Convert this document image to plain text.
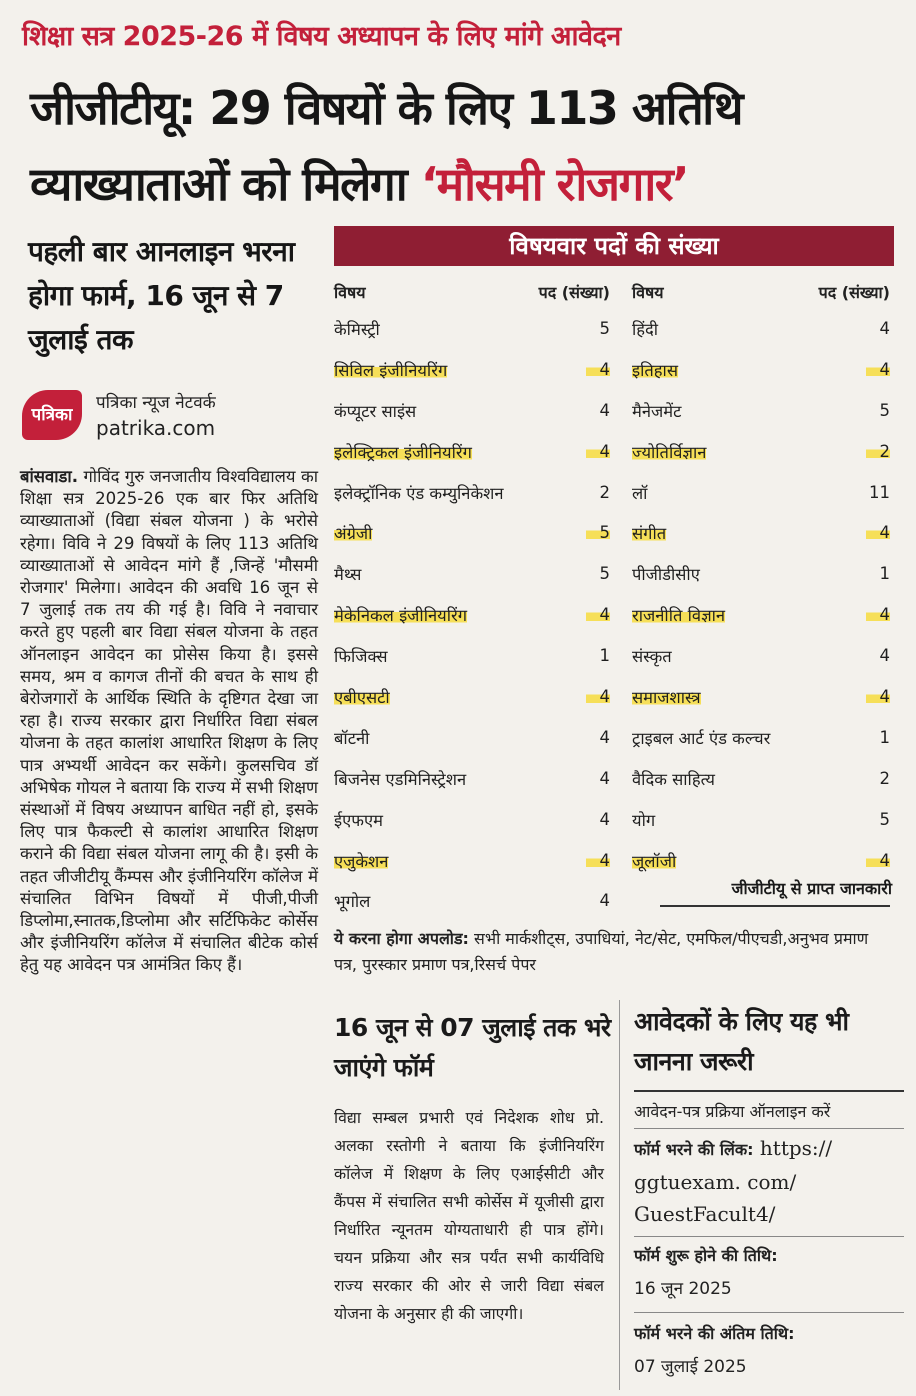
शिक्षा सत्र 2025-26 में विषय अध्यापन के लिए मांगे आवेदन
जीजीटीयू: 29 विषयों के लिए 113 अतिथि
व्याख्याताओं को मिलेगा ‘मौसमी रोजगार’
पहली बार आनलाइन भरना होगा फार्म, 16 जून से 7 जुलाई तक
पत्रिका
पत्रिका न्यूज नेटवर्क
patrika.com
बांसवाडा. गोविंद गुरु जनजातीय विश्वविद्यालय का शिक्षा सत्र 2025-26 एक बार फिर अतिथि व्याख्याताओं (विद्या संबल योजना ) के भरोसे रहेगा। विवि ने 29 विषयों के लिए 113 अतिथि व्याख्याताओं से आवेदन मांगे हैं ,जिन्हें 'मौसमी रोजगार' मिलेगा। आवेदन की अवधि 16 जून से 7 जुलाई तक तय की गई है। विवि ने नवाचार करते हुए पहली बार विद्या संबल योजना के तहत ऑनलाइन आवेदन का प्रोसेस किया है। इससे समय, श्रम व कागज तीनों की बचत के साथ ही बेरोजगारों के आर्थिक स्थिति के दृष्टिगत देखा जा रहा है। राज्य सरकार द्वारा निर्धारित विद्या संबल योजना के तहत कालांश आधारित शिक्षण के लिए पात्र अभ्यर्थी आवेदन कर सकेंगे। कुलसचिव डॉ अभिषेक गोयल ने बताया कि राज्य में सभी शिक्षण संस्थाओं में विषय अध्यापन बाधित नहीं हो, इसके लिए पात्र फैकल्टी से कालांश आधारित शिक्षण कराने की विद्या संबल योजना लागू की है। इसी के तहत जीजीटीयू कैंम्पस और इंजीनियरिंग कॉलेज में संचालित विभिन विषयों में पीजी,पीजी डिप्लोमा,स्नातक,डिप्लोमा और सर्टिफिकेट कोर्सेस और इंजीनियरिंग कॉलेज में संचालित बीटेक कोर्स हेतु यह आवेदन पत्र आमंत्रित किए हैं।
विषयवार पदों की संख्या
विषय	पद (संख्या)
केमिस्ट्री	5
सिविल इंजीनियरिंग	4
कंप्यूटर साइंस	4
इलेक्ट्रिकल इंजीनियरिंग	4
इलेक्ट्रॉनिक एंड कम्युनिकेशन	2
अंग्रेजी	5
मैथ्स	5
मेकेनिकल इंजीनियरिंग	4
फिजिक्स	1
एबीएसटी	4
बॉटनी	4
बिजनेस एडमिनिस्ट्रेशन	4
ईएफएम	4
एजुकेशन	4
भूगोल	4
विषय	पद (संख्या)
हिंदी	4
इतिहास	4
मैनेजमेंट	5
ज्योतिर्विज्ञान	2
लॉ	11
संगीत	4
पीजीडीसीए	1
राजनीति विज्ञान	4
संस्कृत	4
समाजशास्त्र	4
ट्राइबल आर्ट एंड कल्चर	1
वैदिक साहित्य	2
योग	5
जूलॉजी	4
जीजीटीयू से प्राप्त जानकारी
ये करना होगा अपलोड: सभी मार्कशीट्स, उपाधियां, नेट/सेट, एमफिल/पीएचडी,अनुभव प्रमाण पत्र, पुरस्कार प्रमाण पत्र,रिसर्च पेपर
16 जून से 07 जुलाई तक भरे जाएंगे फॉर्म
विद्या सम्बल प्रभारी एवं निदेशक शोध प्रो. अलका रस्तोगी ने बताया कि इंजीनियरिंग कॉलेज में शिक्षण के लिए एआईसीटी और कैंपस में संचालित सभी कोर्सेस में यूजीसी द्वारा निर्धारित न्यूनतम योग्यताधारी ही पात्र होंगे। चयन प्रक्रिया और सत्र पर्यंत सभी कार्यविधि राज्य सरकार की ओर से जारी विद्या संबल योजना के अनुसार ही की जाएगी।
आवेदकों के लिए यह भी जानना जरूरी
आवेदन-पत्र प्रक्रिया ऑनलाइन करें
फॉर्म भरने की लिंक: https://
ggtuexam. com/
GuestFacult4/
फॉर्म शुरू होने की तिथि:
16 जून 2025
फॉर्म भरने की अंतिम तिथि:
07 जुलाई 2025
